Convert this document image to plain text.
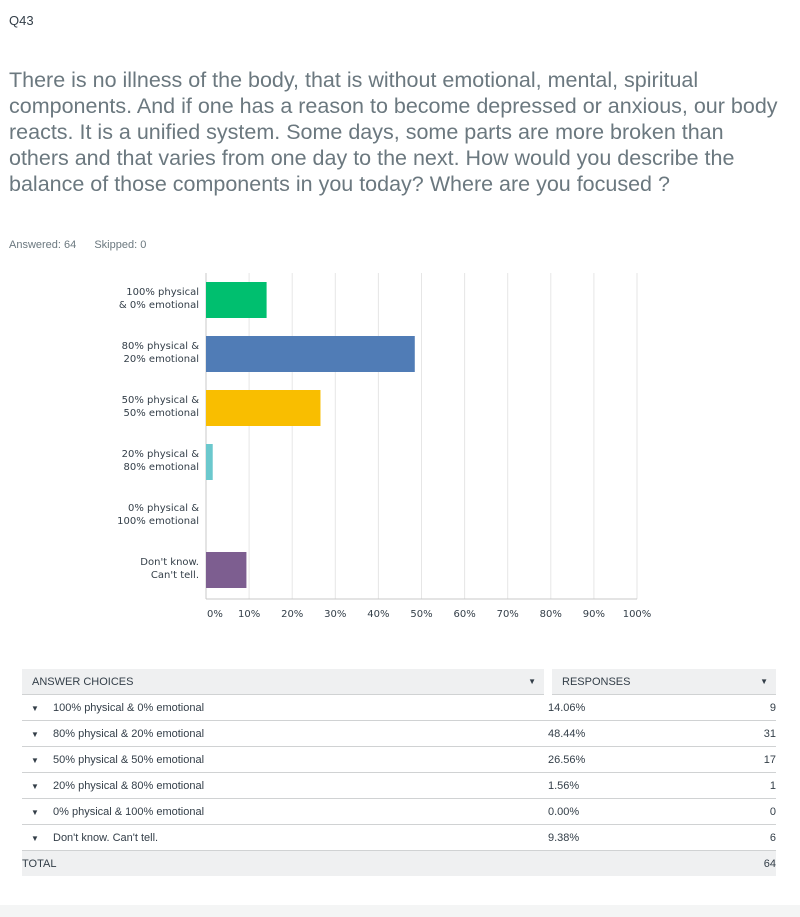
Q43
There is no illness of the body, that is without emotional, mental, spiritual components. And if one has a reason to become depressed or anxious, our body reacts. It is a unified system. Some days, some parts are more broken than others and that varies from one day to the next. How would you describe the balance of those components in you today? Where are you focused ?
Answered: 64 Skipped: 0
0% 10% 20% 30% 40% 50% 60% 70% 80% 90% 100%
100% physical
& 0% emotional
80% physical &
20% emotional
50% physical &
50% emotional
20% physical &
80% emotional
0% physical &
100% emotional
Don't know.
Can't tell.
ANSWER CHOICES ▼	RESPONSES ▼	

▼ 100% physical & 0% emotional	14.06%	9
▼ 80% physical & 20% emotional	48.44%	31
▼ 50% physical & 50% emotional	26.56%	17
▼ 20% physical & 80% emotional	1.56%	1
▼ 0% physical & 100% emotional	0.00%	0
▼ Don't know. Can't tell.	9.38%	6
TOTAL		64
